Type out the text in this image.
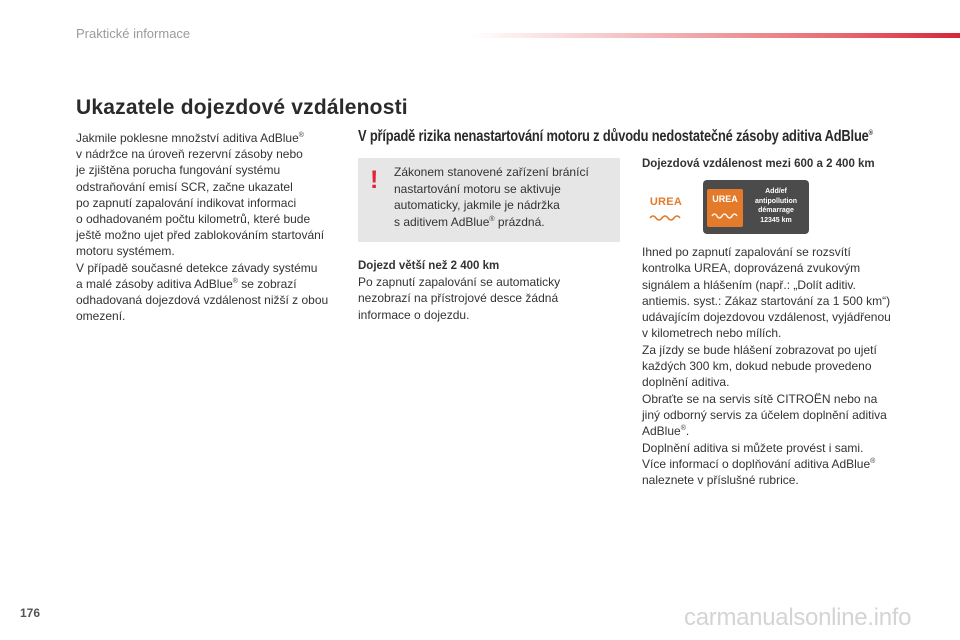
Praktické informace
Ukazatele dojezdové vzdálenosti
Jakmile poklesne množství aditiva AdBlue®
v nádržce na úroveň rezervní zásoby nebo
je zjištěna porucha fungování systému
odstraňování emisí SCR, začne ukazatel
po zapnutí zapalování indikovat informaci
o odhadovaném počtu kilometrů, které bude
ještě možno ujet před zablokováním startování
motoru systémem.
V případě současné detekce závady systému
a malé zásoby aditiva AdBlue® se zobrazí
odhadovaná dojezdová vzdálenost nižší z obou
omezení.
V případě rizika nenastartování motoru z důvodu nedostatečné zásoby aditiva AdBlue®
! Zákonem stanovené zařízení bránící
nastartování motoru se aktivuje
automaticky, jakmile je nádržka
s aditivem AdBlue® prázdná.
Dojezd větší než 2 400 km
Po zapnutí zapalování se automaticky
nezobrazí na přístrojové desce žádná
informace o dojezdu.
Dojezdová vzdálenost mezi 600 a 2 400 km
UREA	UREA
Add/ef
antipollution
démarrage
12345 km
Ihned po zapnutí zapalování se rozsvítí
kontrolka UREA, doprovázená zvukovým
signálem a hlášením (např.: „Dolít aditiv.
antiemis. syst.: Zákaz startování za 1 500 km“)
udávajícím dojezdovou vzdálenost, vyjádřenou
v kilometrech nebo mílích.
Za jízdy se bude hlášení zobrazovat po ujetí
každých 300 km, dokud nebude provedeno
doplnění aditiva.
Obraťte se na servis sítě CITROËN nebo na
jiný odborný servis za účelem doplnění aditiva
AdBlue®.
Doplnění aditiva si můžete provést i sami.
Více informací o doplňování aditiva AdBlue®
naleznete v příslušné rubrice.
176	carmanualsonline.info
